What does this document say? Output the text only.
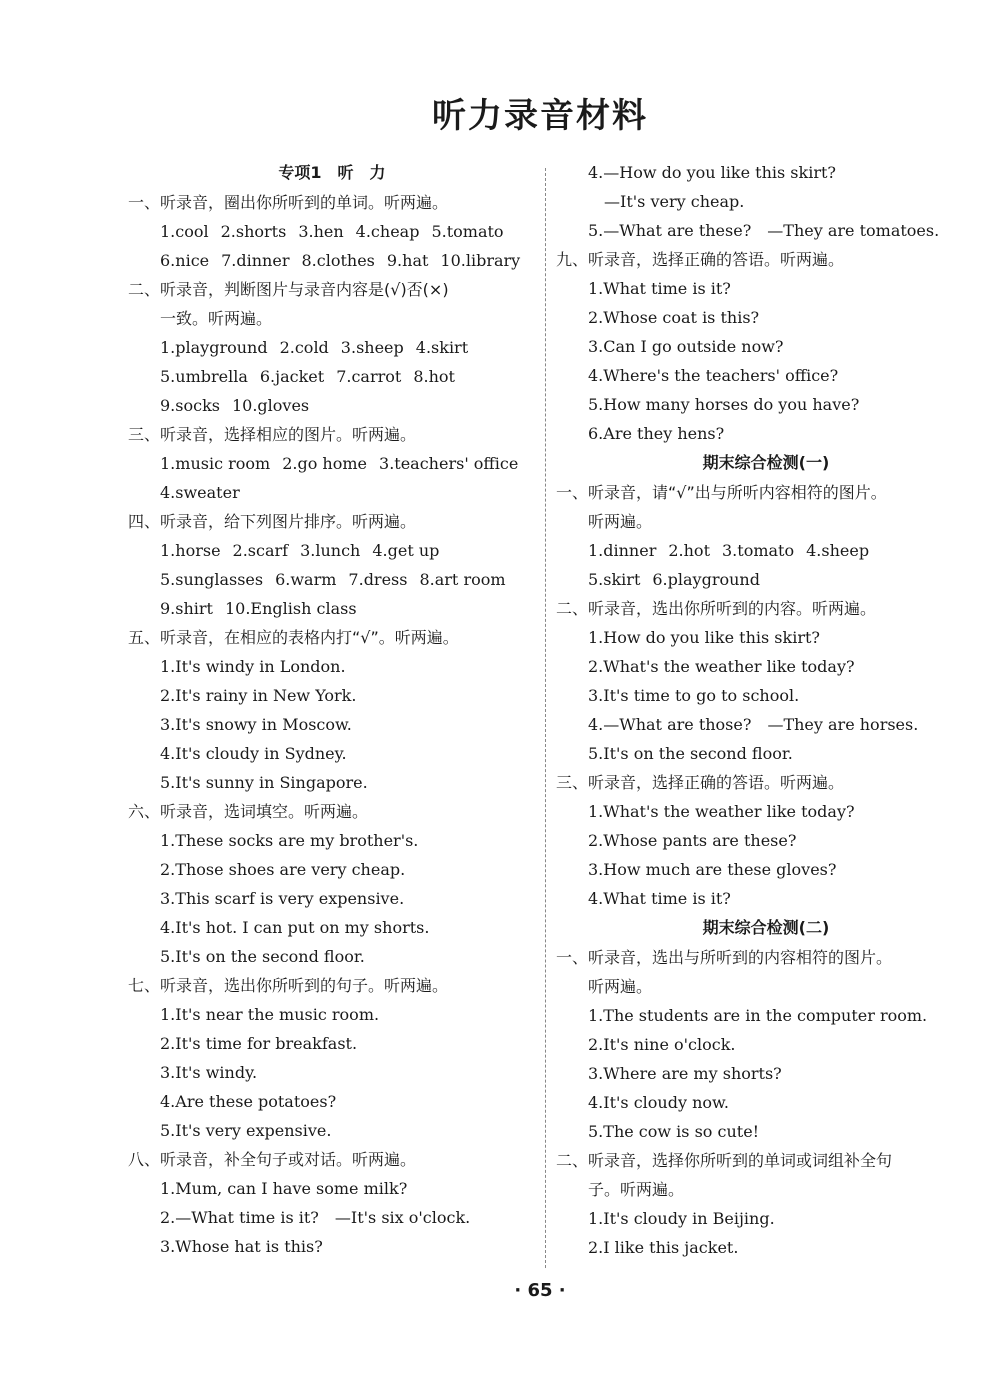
听力录音材料
专项1　听　力
一、听录音，圈出你所听到的单词。听两遍。
1.cool 2.shorts 3.hen 4.cheap 5.tomato
6.nice 7.dinner 8.clothes 9.hat 10.library
二、听录音，判断图片与录音内容是(√)否(×)
一致。听两遍。
1.playground 2.cold 3.sheep 4.skirt
5.umbrella 6.jacket 7.carrot 8.hot
9.socks 10.gloves
三、听录音，选择相应的图片。听两遍。
1.music room 2.go home 3.teachers' office
4.sweater
四、听录音，给下列图片排序。听两遍。
1.horse 2.scarf 3.lunch 4.get up
5.sunglasses 6.warm 7.dress 8.art room
9.shirt 10.English class
五、听录音，在相应的表格内打“√”。听两遍。
1.It's windy in London.
2.It's rainy in New York.
3.It's snowy in Moscow.
4.It's cloudy in Sydney.
5.It's sunny in Singapore.
六、听录音，选词填空。听两遍。
1.These socks are my brother's.
2.Those shoes are very cheap.
3.This scarf is very expensive.
4.It's hot. I can put on my shorts.
5.It's on the second floor.
七、听录音，选出你所听到的句子。听两遍。
1.It's near the music room.
2.It's time for breakfast.
3.It's windy.
4.Are these potatoes?
5.It's very expensive.
八、听录音，补全句子或对话。听两遍。
1.Mum, can I have some milk?
2.—What time is it?　—It's six o'clock.
3.Whose hat is this?
4.—How do you like this skirt?
—It's very cheap.
5.—What are these?　—They are tomatoes.
九、听录音，选择正确的答语。听两遍。
1.What time is it?
2.Whose coat is this?
3.Can I go outside now?
4.Where's the teachers' office?
5.How many horses do you have?
6.Are they hens?
期末综合检测(一)
一、听录音，请“√”出与所听内容相符的图片。
听两遍。
1.dinner 2.hot 3.tomato 4.sheep
5.skirt 6.playground
二、听录音，选出你所听到的内容。听两遍。
1.How do you like this skirt?
2.What's the weather like today?
3.It's time to go to school.
4.—What are those?　—They are horses.
5.It's on the second floor.
三、听录音，选择正确的答语。听两遍。
1.What's the weather like today?
2.Whose pants are these?
3.How much are these gloves?
4.What time is it?
期末综合检测(二)
一、听录音，选出与所听到的内容相符的图片。
听两遍。
1.The students are in the computer room.
2.It's nine o'clock.
3.Where are my shorts?
4.It's cloudy now.
5.The cow is so cute!
二、听录音，选择你所听到的单词或词组补全句
子。听两遍。
1.It's cloudy in Beijing.
2.I like this jacket.
· 65 ·
